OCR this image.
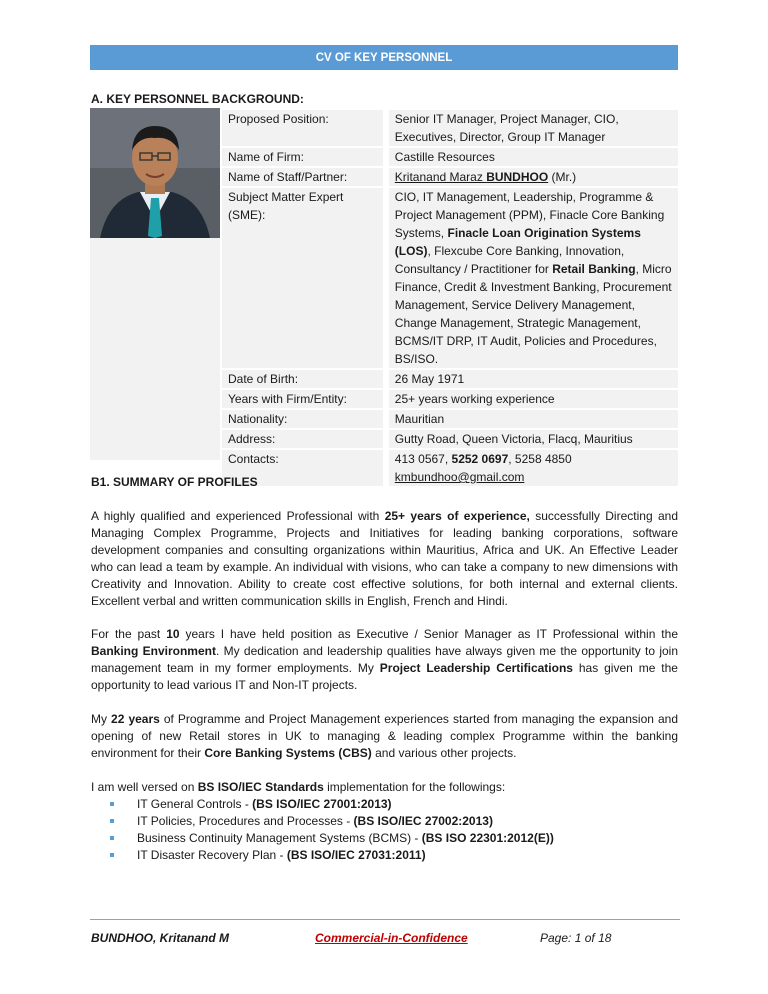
CV OF KEY PERSONNEL
A. KEY PERSONNEL BACKGROUND:
Proposed Position:		Senior IT Manager, Project Manager, CIO, Executives, Director, Group IT Manager
Name of Firm:		Castille Resources
Name of Staff/Partner:		Kritanand Maraz BUNDHOO (Mr.)
Subject Matter Expert (SME):		CIO, IT Management, Leadership, Programme & Project Management (PPM), Finacle Core Banking Systems, Finacle Loan Origination Systems (LOS), Flexcube Core Banking, Innovation, Consultancy / Practitioner for Retail Banking, Micro Finance, Credit & Investment Banking, Procurement Management, Service Delivery Management, Change Management, Strategic Management, BCMS/IT DRP, IT Audit, Policies and Procedures, BS/ISO.
Date of Birth:		26 May 1971
Years with Firm/Entity:		25+ years working experience
Nationality:		Mauritian
Address:		Gutty Road, Queen Victoria, Flacq, Mauritius
Contacts:		413 0567, 5252 0697, 5258 4850
kmbundhoo@gmail.com
B1. SUMMARY OF PROFILES

A highly qualified and experienced Professional with 25+ years of experience, successfully Directing and Managing Complex Programme, Projects and Initiatives for leading banking corporations, software development companies and consulting organizations within Mauritius, Africa and UK. An Effective Leader who can lead a team by example. An individual with visions, who can take a company to new dimensions with Creativity and Innovation. Ability to create cost effective solutions, for both internal and external clients. Excellent verbal and written communication skills in English, French and Hindi.

For the past 10 years I have held position as Executive / Senior Manager as IT Professional within the Banking Environment. My dedication and leadership qualities have always given me the opportunity to join management team in my former employments. My Project Leadership Certifications has given me the opportunity to lead various IT and Non-IT projects.

My 22 years of Programme and Project Management experiences started from managing the expansion and opening of new Retail stores in UK to managing & leading complex Programme within the banking environment for their Core Banking Systems (CBS) and various other projects.

I am well versed on BS ISO/IEC Standards implementation for the followings:

IT General Controls - (BS ISO/IEC 27001:2013)
IT Policies, Procedures and Processes - (BS ISO/IEC 27002:2013)
Business Continuity Management Systems (BCMS) - (BS ISO 22301:2012(E))
IT Disaster Recovery Plan - (BS ISO/IEC 27031:2011)
BUNDHOO, Kritanand M	Commercial-in-Confidence	Page: 1 of 18
